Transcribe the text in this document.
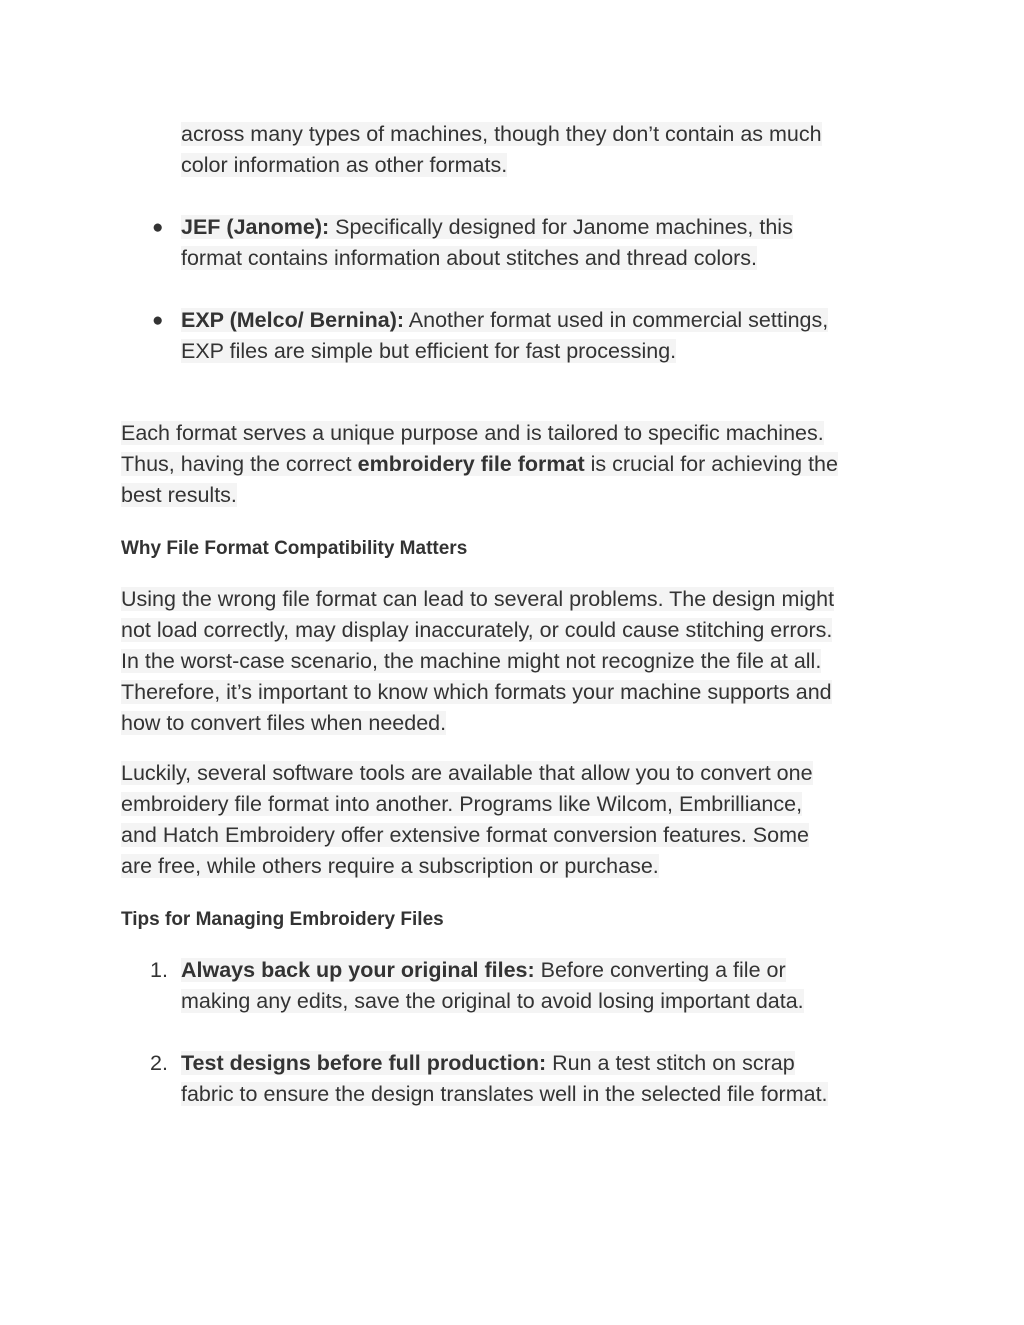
across many types of machines, though they don’t contain as much
color information as other formats.
● JEF (Janome): Specifically designed for Janome machines, this
format contains information about stitches and thread colors.
● EXP (Melco/ Bernina): Another format used in commercial settings,
EXP files are simple but efficient for fast processing.
Each format serves a unique purpose and is tailored to specific machines.
Thus, having the correct embroidery file format is crucial for achieving the
best results.
Why File Format Compatibility Matters
Using the wrong file format can lead to several problems. The design might
not load correctly, may display inaccurately, or could cause stitching errors.
In the worst-case scenario, the machine might not recognize the file at all.
Therefore, it’s important to know which formats your machine supports and
how to convert files when needed.
Luckily, several software tools are available that allow you to convert one
embroidery file format into another. Programs like Wilcom, Embrilliance,
and Hatch Embroidery offer extensive format conversion features. Some
are free, while others require a subscription or purchase.
Tips for Managing Embroidery Files
1. Always back up your original files: Before converting a file or
making any edits, save the original to avoid losing important data.
2. Test designs before full production: Run a test stitch on scrap
fabric to ensure the design translates well in the selected file format.
